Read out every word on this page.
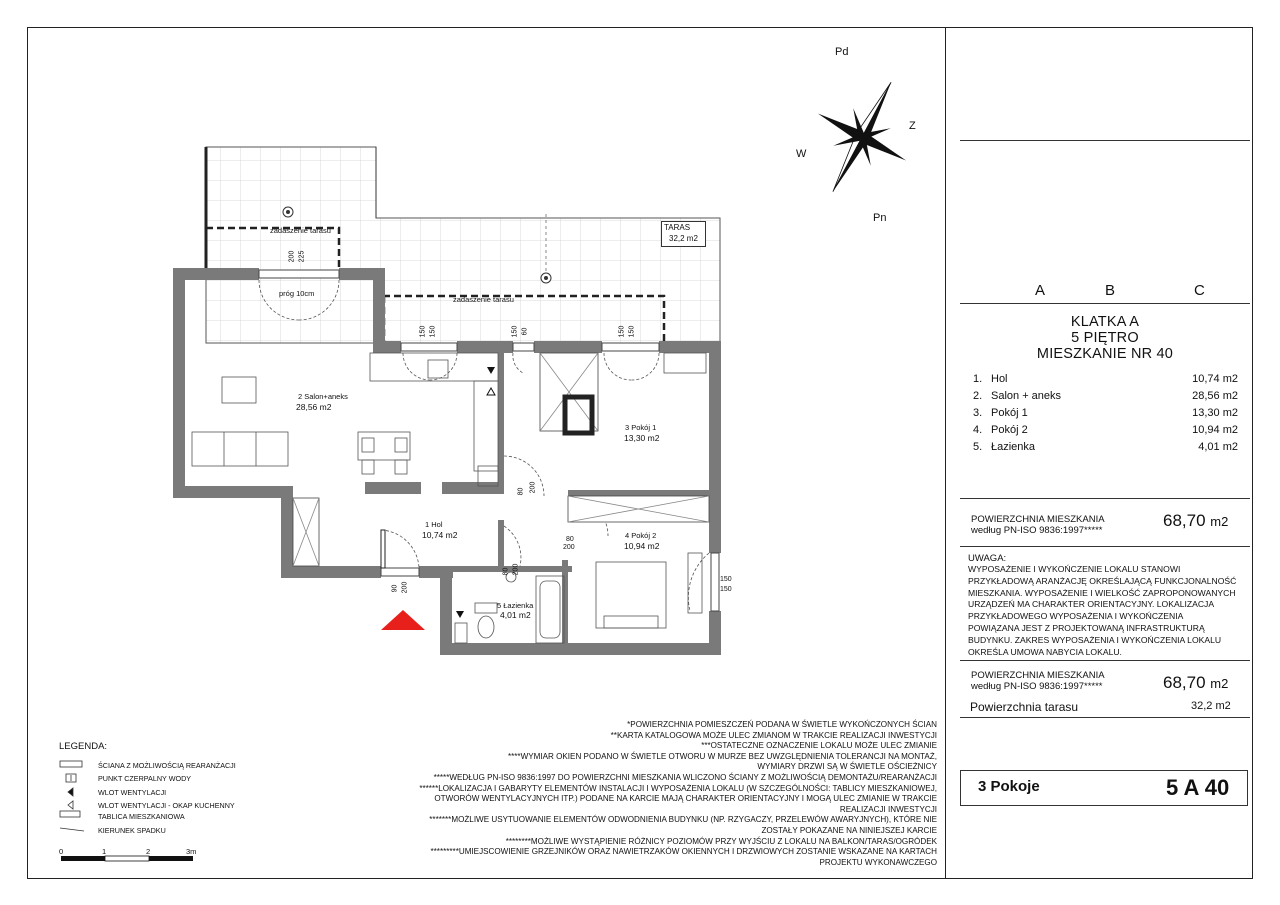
Pd
Z
W
Pn
TARAS
32,2 m2
zadaszenie tarasu
zadaszenie tarasu
próg 10cm
200 225
150 150	150 60	150 150
80 200
80
200
80 200
90 200
150
150
2 Salon+aneks
28,56 m2
3 Pokój 1
13,30 m2
1 Hol
10,74 m2	4 Pokój 2
10,94 m2
5 Łazienka
4,01 m2
A	B	C
KLATKA A
5 PIĘTRO
MIESZKANIE NR 40
1. Hol	10,74
m2
2. Salon + aneks	28,56
m2
3. Pokój 1	13,30
m2
4. Pokój 2	10,94
m2
5. Łazienka	4,01
m2
POWIERZCHNIA MIESZKANIA
według PN-ISO 9836:1997*****
68,70 m2
UWAGA:
WYPOSAŻENIE I WYKOŃCZENIE LOKALU STANOWI
PRZYKŁADOWĄ ARANŻACJĘ OKREŚLAJĄCĄ FUNKCJONALNOŚĆ
MIESZKANIA. WYPOSAŻENIE I WIELKOŚĆ ZAPROPONOWANYCH
URZĄDZEŃ MA CHARAKTER ORIENTACYJNY. LOKALIZACJA
PRZYKŁADOWEGO WYPOSAŻENIA I WYKOŃCZENIA
POWIĄZANA JEST Z PROJEKTOWANĄ INFRASTRUKTURĄ
BUDYNKU. ZAKRES WYPOSAŻENIA I WYKOŃCZENIA LOKALU
OKREŚLA UMOWA NABYCIA LOKALU.
POWIERZCHNIA MIESZKANIA
według PN-ISO 9836:1997*****	68,70 m2
Powierzchnia tarasu	32,2 m2
3 Pokoje	5 A 40
*POWIERZCHNIA POMIESZCZEŃ PODANA W ŚWIETLE WYKOŃCZONYCH ŚCIAN
**KARTA KATALOGOWA MOŻE ULEC ZMIANOM W TRAKCIE REALIZACJI INWESTYCJI
***OSTATECZNE OZNACZENIE LOKALU MOŻE ULEC ZMIANIE
****WYMIAR OKIEN PODANO W ŚWIETLE OTWORU W MURZE BEZ UWZGLĘDNIENIA TOLERANCJI NA MONTAŻ,
WYMIARY DRZWI SĄ W ŚWIETLE OŚCIEŻNICY
*****WEDŁUG PN-ISO 9836:1997 DO POWIERZCHNI MIESZKANIA WLICZONO ŚCIANY Z MOŻLIWOŚCIĄ DEMONTAŻU/REARANŻACJI
******LOKALIZACJA I GABARYTY ELEMENTÓW INSTALACJI I WYPOSAŻENIA LOKALU (W SZCZEGÓLNOŚCI: TABLICY MIESZKANIOWEJ,
OTWORÓW WENTYLACYJNYCH ITP.) PODANE NA KARCIE MAJĄ CHARAKTER ORIENTACYJNY I MOGĄ ULEC ZMIANIE W TRAKCIE
REALIZACJI INWESTYCJI
*******MOŻLIWE USYTUOWANIE ELEMENTÓW ODWODNIENIA BUDYNKU (NP. RZYGACZY, PRZELEWÓW AWARYJNYCH), KTÓRE NIE
ZOSTAŁY POKAZANE NA NINIEJSZEJ KARCIE
********MOŻLIWE WYSTĄPIENIE RÓŻNICY POZIOMÓW PRZY WYJŚCIU Z LOKALU NA BALKON/TARAS/OGRÓDEK
*********UMIEJSCOWIENIE GRZEJNIKÓW ORAZ NAWIETRZAKÓW OKIENNYCH I DRZWIOWYCH ZOSTANIE WSKAZANE NA KARTACH
PROJEKTU WYKONAWCZEGO
LEGENDA:
ŚCIANA Z MOŻLIWOŚCIĄ REARANŻACJI
PUNKT CZERPALNY WODY
WLOT WENTYLACJI
WLOT WENTYLACJI - OKAP KUCHENNY
TABLICA MIESZKANIOWA
KIERUNEK SPADKU
0	1	2	3m
